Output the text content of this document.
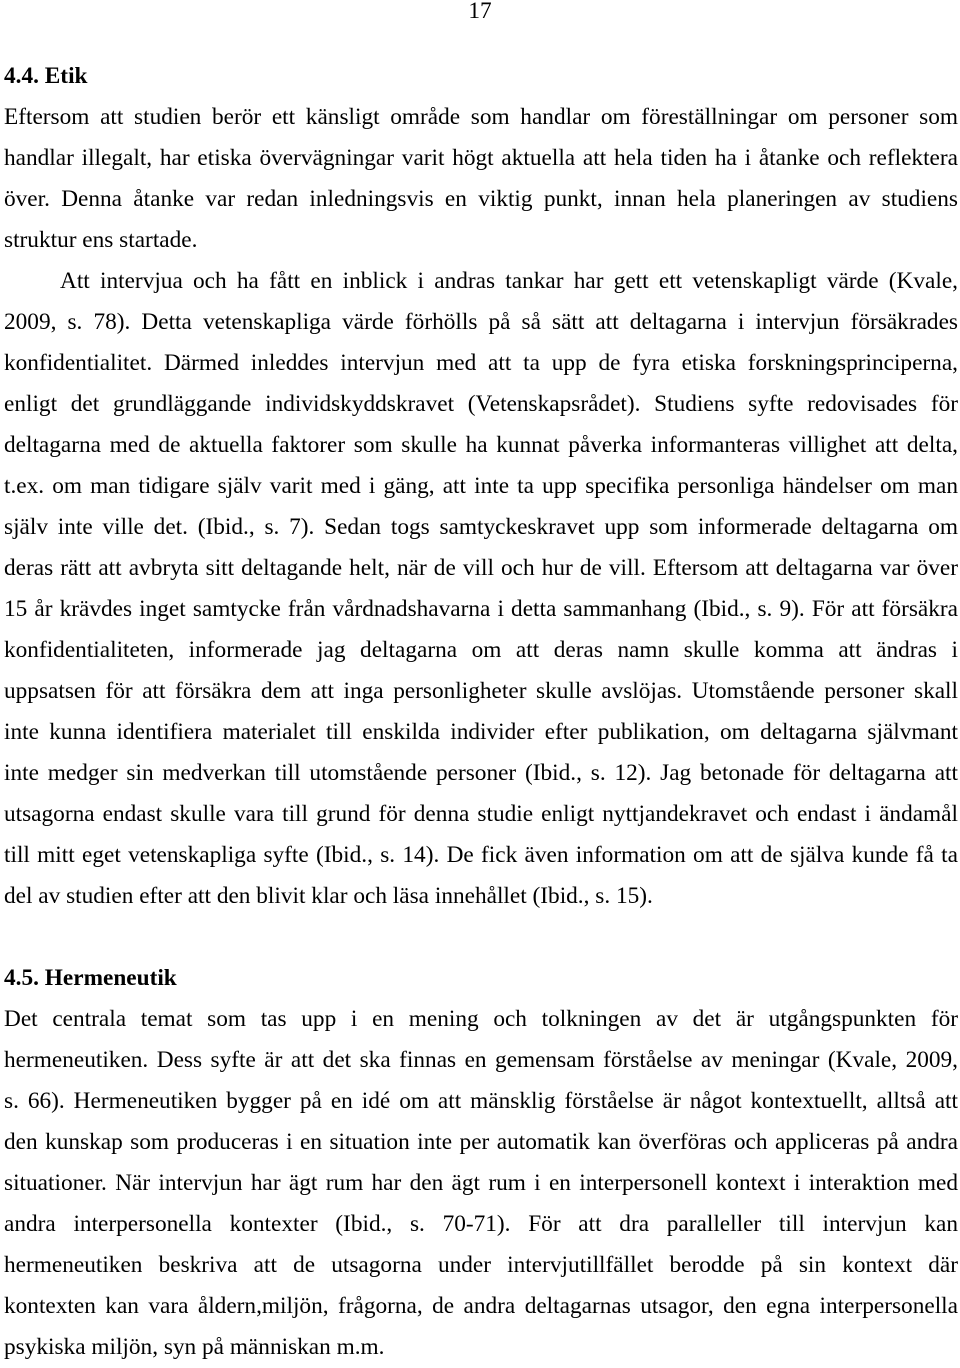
17
4.4. Etik
Eftersom att studien berör ett känsligt område som handlar om föreställningar om personer som
handlar illegalt, har etiska övervägningar varit högt aktuella att hela tiden ha i åtanke och reflektera
över. Denna åtanke var redan inledningsvis en viktig punkt, innan hela planeringen av studiens
struktur ens startade.
Att intervjua och ha fått en inblick i andras tankar har gett ett vetenskapligt värde (Kvale,
2009, s. 78). Detta vetenskapliga värde förhölls på så sätt att deltagarna i intervjun försäkrades
konfidentialitet. Därmed inleddes intervjun med att ta upp de fyra etiska forskningsprinciperna,
enligt det grundläggande individskyddskravet (Vetenskapsrådet). Studiens syfte redovisades för
deltagarna med de aktuella faktorer som skulle ha kunnat påverka informanteras villighet att delta,
t.ex. om man tidigare själv varit med i gäng, att inte ta upp specifika personliga händelser om man
själv inte ville det. (Ibid., s. 7). Sedan togs samtyckeskravet upp som informerade deltagarna om
deras rätt att avbryta sitt deltagande helt, när de vill och hur de vill. Eftersom att deltagarna var över
15 år krävdes inget samtycke från vårdnadshavarna i detta sammanhang (Ibid., s. 9). För att försäkra
konfidentialiteten, informerade jag deltagarna om att deras namn skulle komma att ändras i
uppsatsen för att försäkra dem att inga personligheter skulle avslöjas. Utomstående personer skall
inte kunna identifiera materialet till enskilda individer efter publikation, om deltagarna självmant
inte medger sin medverkan till utomstående personer (Ibid., s. 12). Jag betonade för deltagarna att
utsagorna endast skulle vara till grund för denna studie enligt nyttjandekravet och endast i ändamål
till mitt eget vetenskapliga syfte (Ibid., s. 14). De fick även information om att de själva kunde få ta
del av studien efter att den blivit klar och läsa innehållet (Ibid., s. 15).
4.5. Hermeneutik
Det centrala temat som tas upp i en mening och tolkningen av det är utgångspunkten för
hermeneutiken. Dess syfte är att det ska finnas en gemensam förståelse av meningar (Kvale, 2009,
s. 66). Hermeneutiken bygger på en idé om att mänsklig förståelse är något kontextuellt, alltså att
den kunskap som produceras i en situation inte per automatik kan överföras och appliceras på andra
situationer. När intervjun har ägt rum har den ägt rum i en interpersonell kontext i interaktion med
andra interpersonella kontexter (Ibid., s. 70-71). För att dra paralleller till intervjun kan
hermeneutiken beskriva att de utsagorna under intervjutillfället berodde på sin kontext där
kontexten kan vara åldern,miljön, frågorna, de andra deltagarnas utsagor, den egna interpersonella
psykiska miljön, syn på människan m.m.
